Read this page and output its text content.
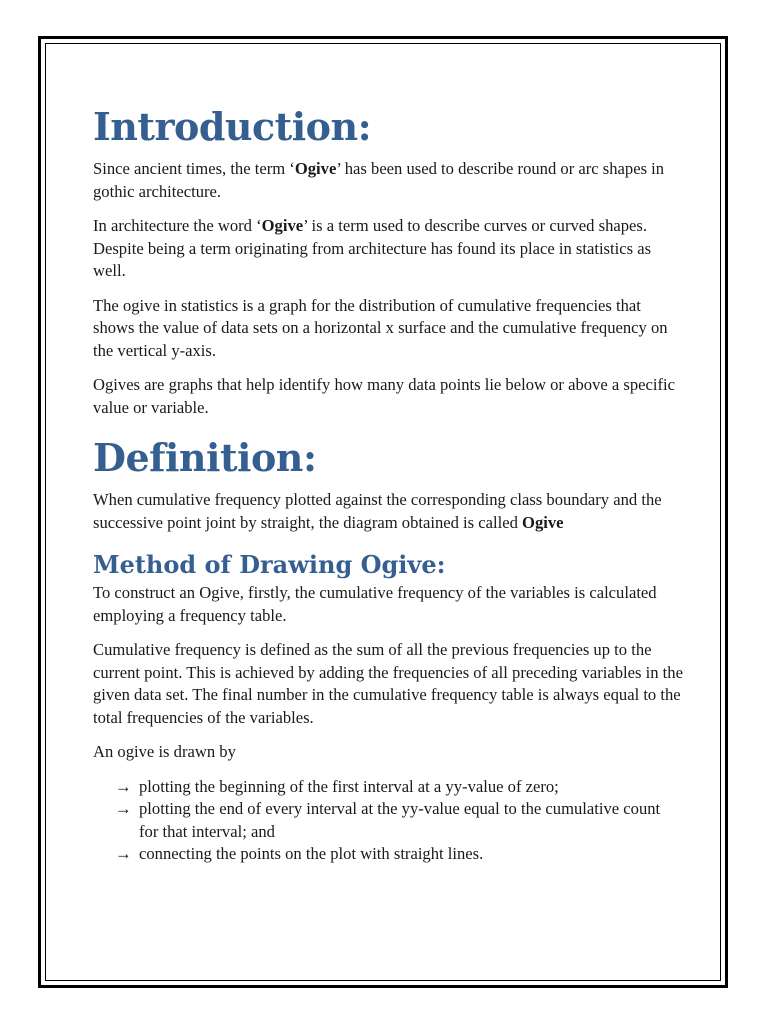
Introduction:

Since ancient times, the term ‘Ogive’ has been used to describe round or arc shapes in gothic architecture.

In architecture the word ‘Ogive’ is a term used to describe curves or curved shapes. Despite being a term originating from architecture has found its place in statistics as well.

The ogive in statistics is a graph for the distribution of cumulative frequencies that shows the value of data sets on a horizontal x surface and the cumulative frequency on the vertical y-axis.

Ogives are graphs that help identify how many data points lie below or above a specific value or variable.

Definition:

When cumulative frequency plotted against the corresponding class boundary and the successive point joint by straight, the diagram obtained is called Ogive

Method of Drawing Ogive:

To construct an Ogive, firstly, the cumulative frequency of the variables is calculated employing a frequency table.

Cumulative frequency is defined as the sum of all the previous frequencies up to the current point. This is achieved by adding the frequencies of all preceding variables in the given data set. The final number in the cumulative frequency table is always equal to the total frequencies of the variables.

An ogive is drawn by

→ plotting the beginning of the first interval at a yy-value of zero;
→ plotting the end of every interval at the yy-value equal to the cumulative count for that interval; and
→ connecting the points on the plot with straight lines.
